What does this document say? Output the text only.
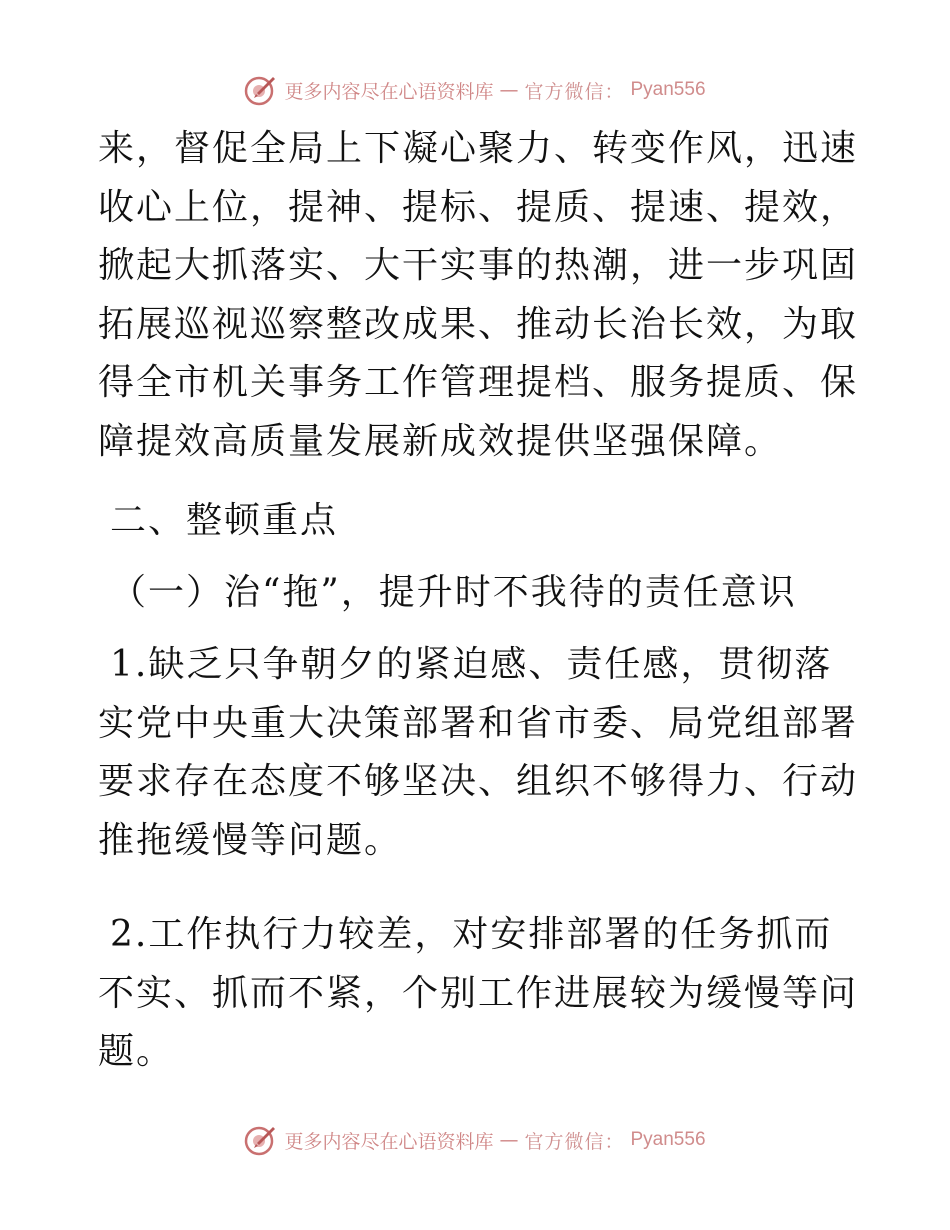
更多内容尽在心语资料库 — 官方微信： Pyan556

来，督促全局上下凝心聚力、转变作风，迅速收心上位，提神、提标、提质、提速、提效，掀起大抓落实、大干实事的热潮，进一步巩固拓展巡视巡察整改成果、推动长治长效，为取得全市机关事务工作管理提档、服务提质、保障提效高质量发展新成效提供坚强保障。

二、整顿重点
（一）治“拖”，提升时不我待的责任意识

1.缺乏只争朝夕的紧迫感、责任感，贯彻落实党中央重大决策部署和省市委、局党组部署要求存在态度不够坚决、组织不够得力、行动推拖缓慢等问题。

2.工作执行力较差，对安排部署的任务抓而不实、抓而不紧，个别工作进展较为缓慢等问题。

更多内容尽在心语资料库 — 官方微信： Pyan556
